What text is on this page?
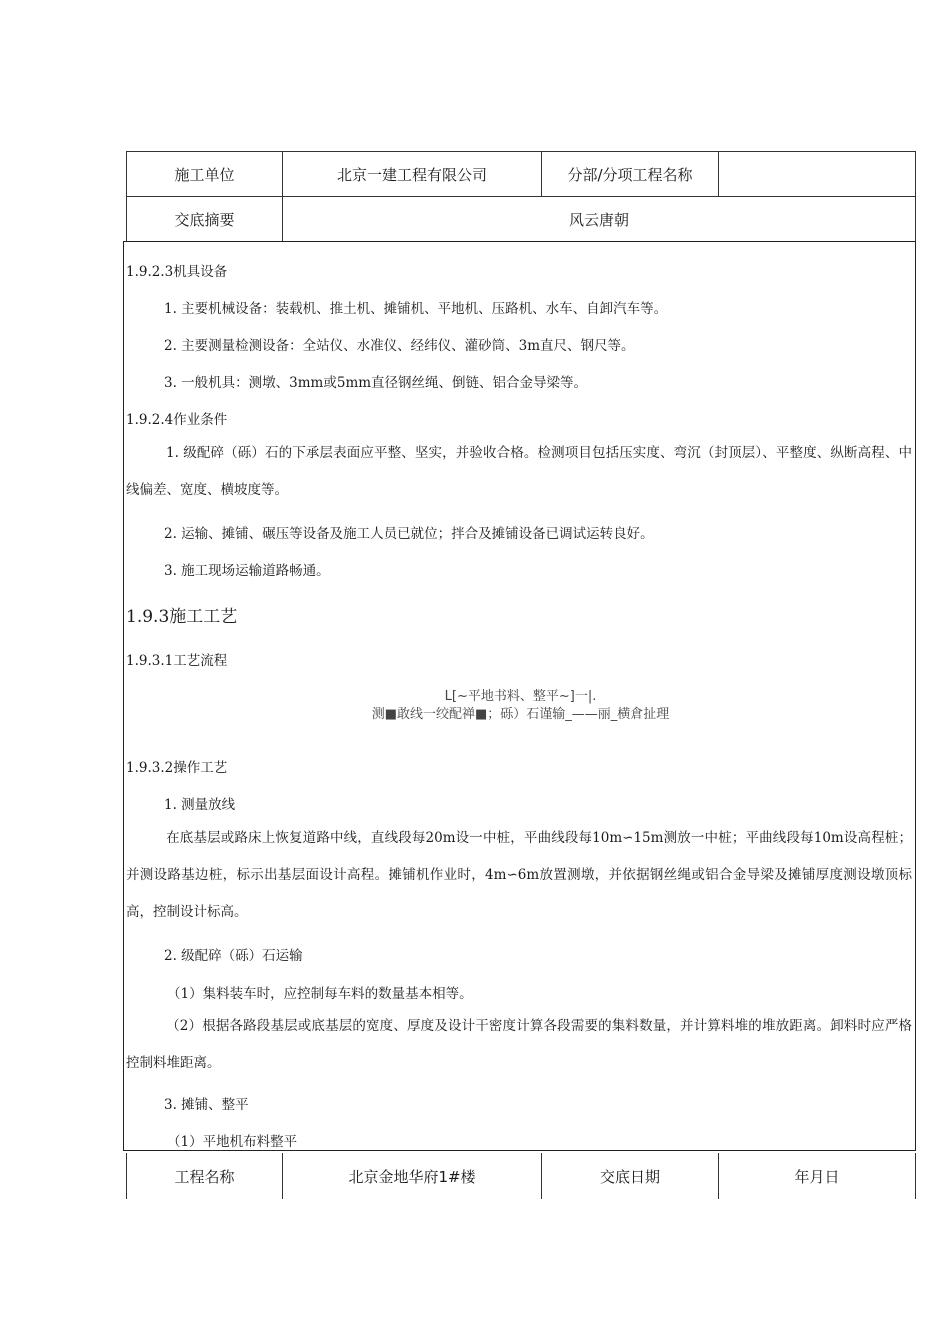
施工单位	北京一建工程有限公司	分部/分项工程名称	
交底摘要	风云唐朝		
1.9.2.3机具设备
1. 主要机械设备：装载机、推土机、摊铺机、平地机、压路机、水车、自卸汽车等。
2. 主要测量检测设备：全站仪、水准仪、经纬仪、灌砂筒、3m直尺、钢尺等。
3. 一般机具：测墩、3mm或5mm直径钢丝绳、倒链、铝合金导梁等。
1.9.2.4作业条件
1. 级配碎（砾）石的下承层表面应平整、坚实，并验收合格。检测项目包括压实度、弯沉（封顶层）、平整度、纵断高程、中线偏差、宽度、横坡度等。
2. 运输、摊铺、碾压等设备及施工人员已就位；拌合及摊铺设备已调试运转良好。
3. 施工现场运输道路畅通。
1.9.3施工工艺
1.9.3.1工艺流程
L[~平地书料、整平~]一|.
测■敢线一绞配禅■；砾）石谨输_——丽_横倉扯理
1.9.3.2操作工艺
1. 测量放线
在底基层或路床上恢复道路中线，直线段每20m设一中桩，平曲线段每10m∽15m测放一中桩；平曲线段每10m设高程桩；并测设路基边桩，标示出基层面设计高程。摊铺机作业时，4m∽6m放置测墩，并依据钢丝绳或铝合金导梁及摊铺厚度测设墩顶标高，控制设计标高。
2. 级配碎（砾）石运输
（1）集料装车时，应控制每车料的数量基本相等。
（2）根据各路段基层或底基层的宽度、厚度及设计干密度计算各段需要的集料数量，并计算料堆的堆放距离。卸料时应严格控制料堆距离。
3. 摊铺、整平
（1）平地机布料整平
工程名称	北京金地华府1#楼	交底日期	年月日
